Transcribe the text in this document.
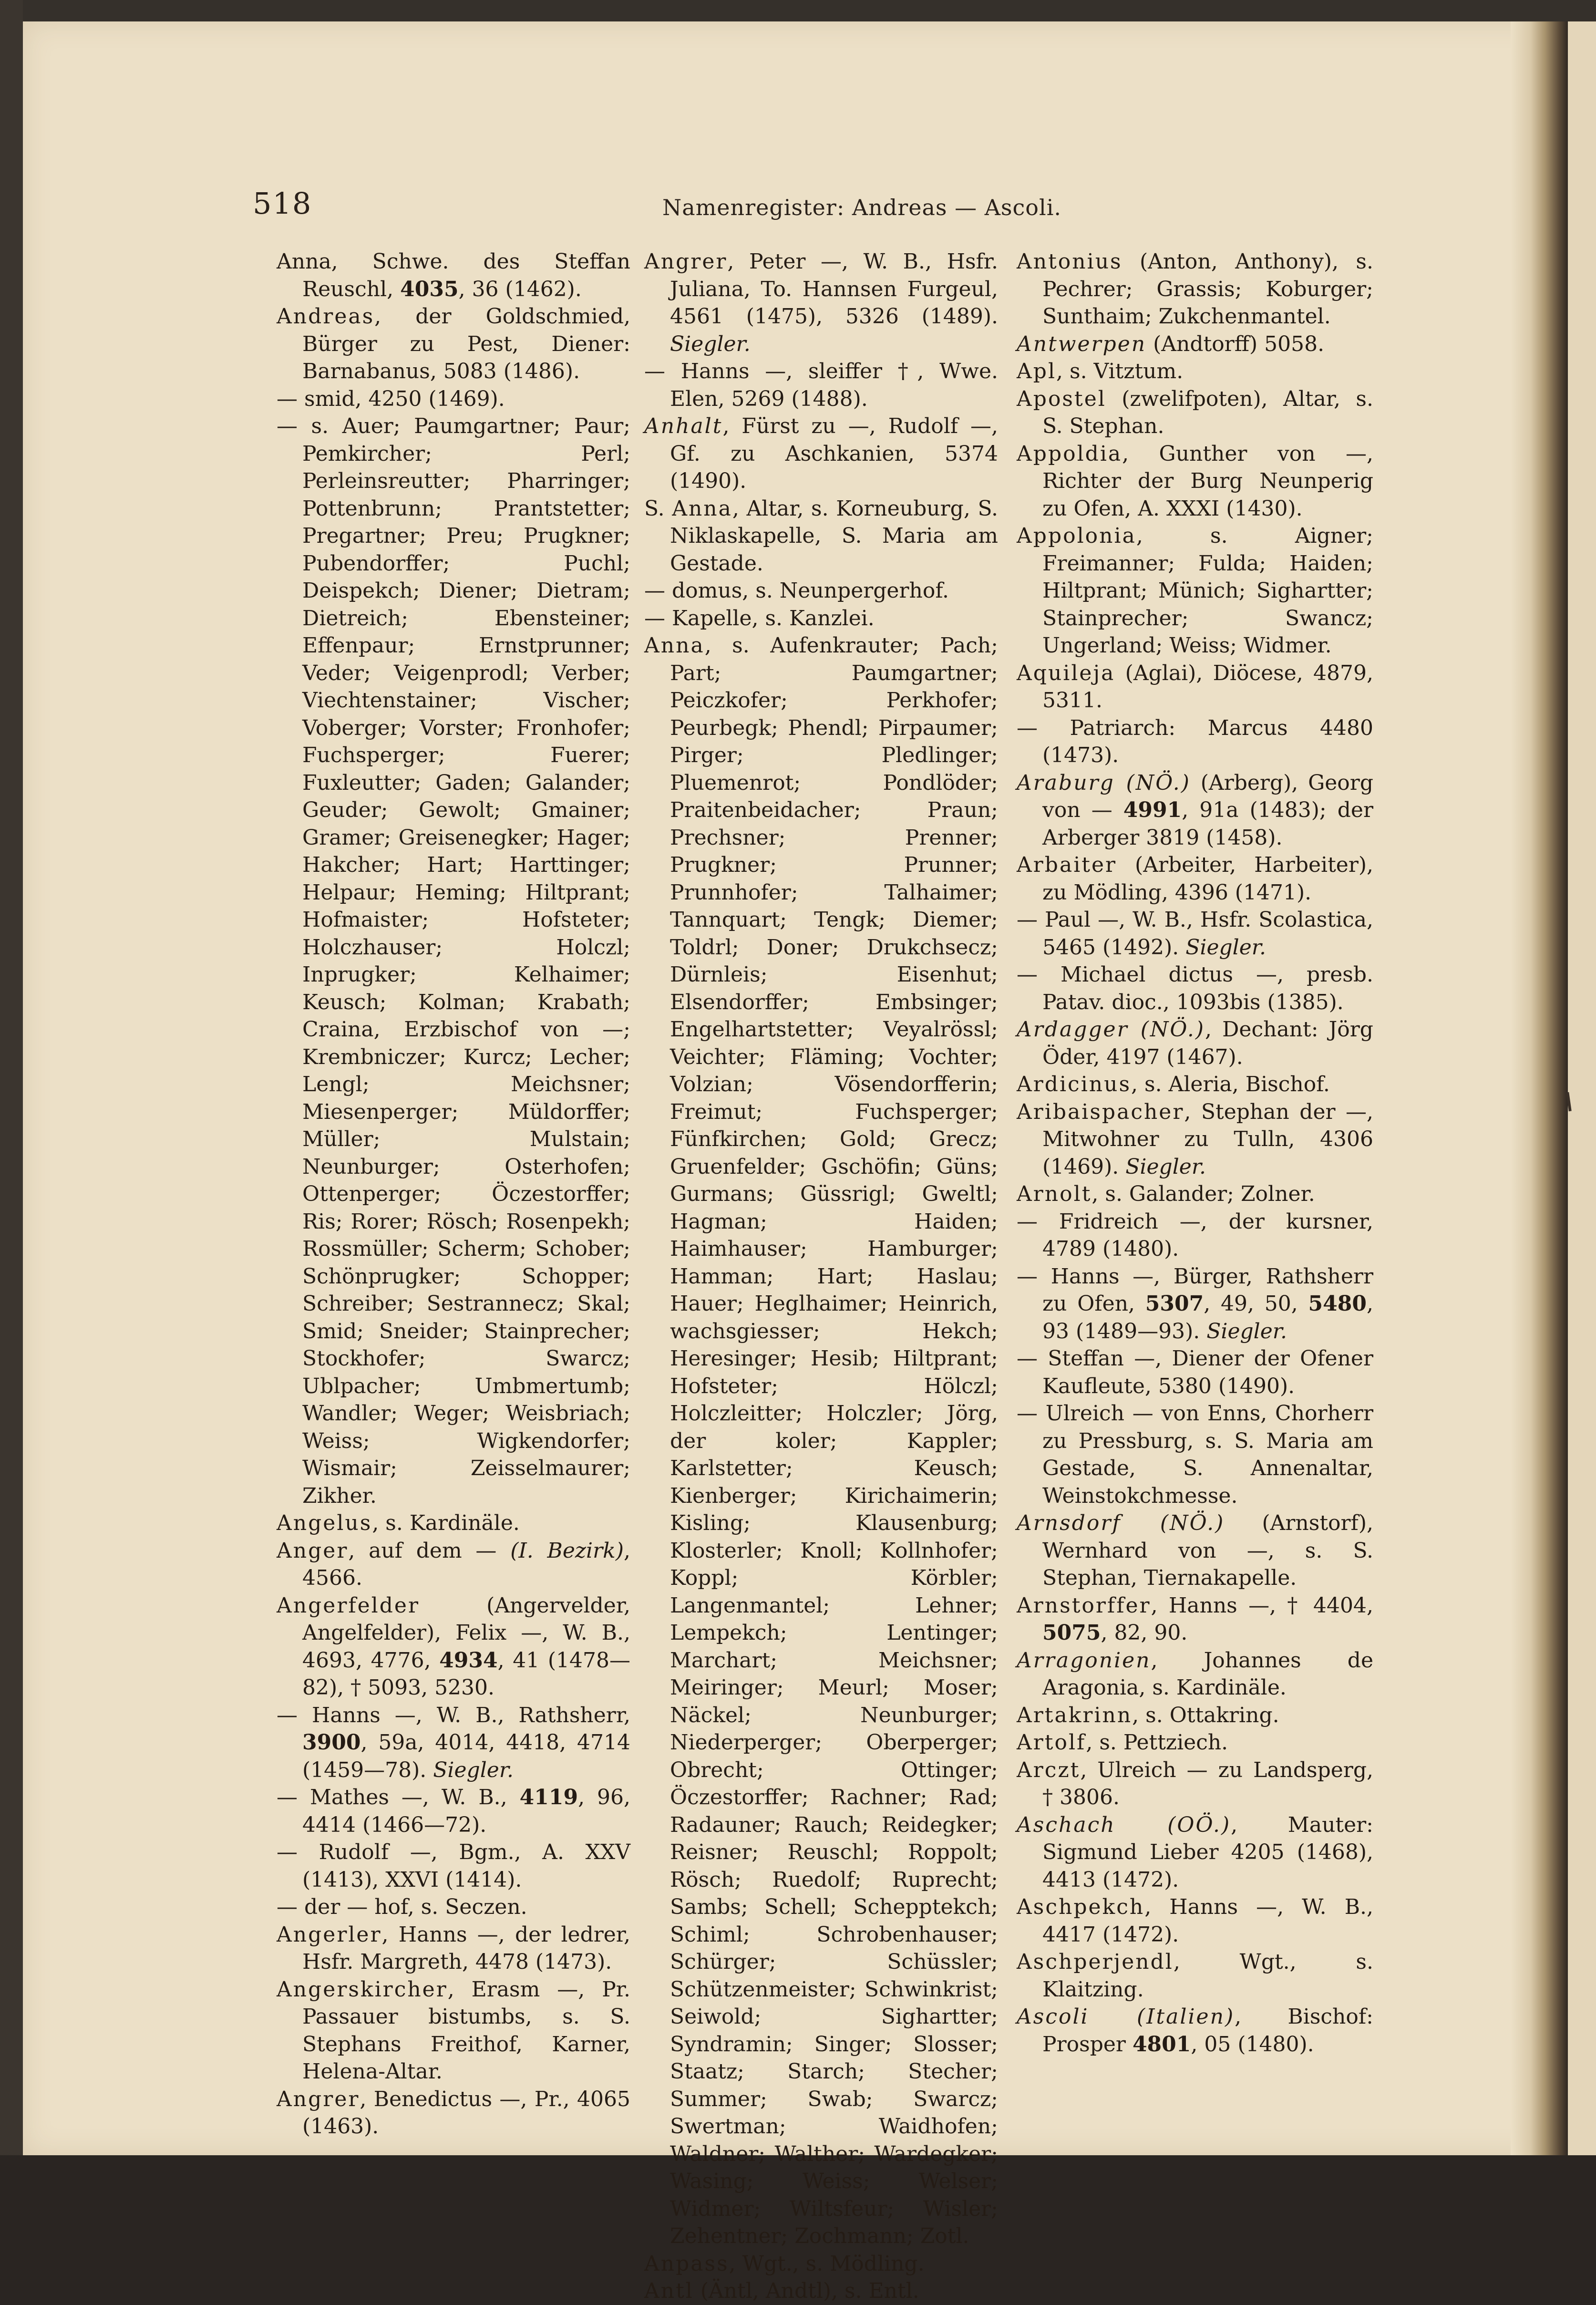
518	Namenregister: Andreas — Ascoli.

Anna, Schwe. des Steffan Reuschl, 4035, 36 (1462).

Andreas, der Goldschmied, Bürger zu Pest, Diener: Barnabanus, 5083 (1486).

— smid, 4250 (1469).

— s. Auer; Paumgartner; Paur; Pemkircher; Perl; Perleinsreutter; Pharringer; Pottenbrunn; Prantstetter; Pregartner; Preu; Prugkner; Pubendorffer; Puchl; Deispekch; Diener; Dietram; Dietreich; Ebensteiner; Effenpaur; Ernstprunner; Veder; Veigenprodl; Verber; Viechtenstainer; Vischer; Voberger; Vorster; Fronhofer; Fuchsperger; Fuerer; Fuxleutter; Gaden; Galander; Geuder; Gewolt; Gmainer; Gramer; Greisenegker; Hager; Hakcher; Hart; Harttinger; Helpaur; Heming; Hiltprant; Hofmaister; Hofsteter; Holczhauser; Holczl; Inprugker; Kelhaimer; Keusch; Kolman; Krabath; Craina, Erzbischof von —; Krembniczer; Kurcz; Lecher; Lengl; Meichsner; Miesenperger; Müldorffer; Müller; Mulstain; Neunburger; Osterhofen; Ottenperger; Öczestorffer; Ris; Rorer; Rösch; Rosenpekh; Rossmüller; Scherm; Schober; Schönprugker; Schopper; Schreiber; Sestrannecz; Skal; Smid; Sneider; Stainprecher; Stockhofer; Swarcz; Ublpacher; Umbmertumb; Wandler; Weger; Weisbriach; Weiss; Wigkendorfer; Wismair; Zeisselmaurer; Zikher.

Angelus, s. Kardinäle.

Anger, auf dem — (I. Bezirk), 4566.

Angerfelder (Angervelder, Angelfelder), Felix —, W. B., 4693, 4776, 4934, 41 (1478—82), † 5093, 5230.

— Hanns —, W. B., Rathsherr, 3900, 59a, 4014, 4418, 4714 (1459—78). Siegler.

— Mathes —, W. B., 4119, 96, 4414 (1466—72).

— Rudolf —, Bgm., A. XXV (1413), XXVI (1414).

— der — hof, s. Seczen.

Angerler, Hanns —, der ledrer, Hsfr. Margreth, 4478 (1473).

Angerskircher, Erasm —, Pr. Passauer bistumbs, s. S. Stephans Freithof, Karner, Helena-Altar.

Angrer, Benedictus —, Pr., 4065 (1463).

Angrer, Peter —, W. B., Hsfr. Juliana, To. Hannsen Furgeul, 4561 (1475), 5326 (1489). Siegler.

— Hanns —, sleiffer †, Wwe. Elen, 5269 (1488).

Anhalt, Fürst zu —, Rudolf —, Gf. zu Aschkanien, 5374 (1490).

S. Anna, Altar, s. Korneuburg, S. Niklaskapelle, S. Maria am Gestade.

— domus, s. Neunpergerhof.

— Kapelle, s. Kanzlei.

Anna, s. Aufenkrauter; Pach; Part; Paumgartner; Peiczkofer; Perkhofer; Peurbegk; Phendl; Pirpaumer; Pirger; Pledlinger; Pluemenrot; Pondlöder; Praitenbeidacher; Praun; Prechsner; Prenner; Prugkner; Prunner; Prunnhofer; Talhaimer; Tannquart; Tengk; Diemer; Toldrl; Doner; Drukchsecz; Dürnleis; Eisenhut; Elsendorffer; Embsinger; Engelhartstetter; Veyalrössl; Veichter; Fläming; Vochter; Volzian; Vösendorfferin; Freimut; Fuchsperger; Fünfkirchen; Gold; Grecz; Gruenfelder; Gschöfin; Güns; Gurmans; Güssrigl; Gweltl; Hagman; Haiden; Haimhauser; Hamburger; Hamman; Hart; Haslau; Hauer; Heglhaimer; Heinrich, wachsgiesser; Hekch; Heresinger; Hesib; Hiltprant; Hofsteter; Hölczl; Holczleitter; Holczler; Jörg, der koler; Kappler; Karlstetter; Keusch; Kienberger; Kirichaimerin; Kisling; Klausenburg; Klosterler; Knoll; Kollnhofer; Koppl; Körbler; Langenmantel; Lehner; Lempekch; Lentinger; Marchart; Meichsner; Meiringer; Meurl; Moser; Näckel; Neunburger; Niederperger; Oberperger; Obrecht; Ottinger; Öczestorffer; Rachner; Rad; Radauner; Rauch; Reidegker; Reisner; Reuschl; Roppolt; Rösch; Ruedolf; Ruprecht; Sambs; Schell; Schepptekch; Schiml; Schrobenhauser; Schürger; Schüssler; Schützenmeister; Schwinkrist; Seiwold; Sighartter; Syndramin; Singer; Slosser; Staatz; Starch; Stecher; Summer; Swab; Swarcz; Swertman; Waidhofen; Waldner; Walther; Wardegker; Wasing; Weiss; Welser; Widmer; Wiltsfeur; Wisler; Zehentner; Zochmann; Zotl.

Anpass, Wgt., s. Mödling.

Antl (Äntl, Andtl), s. Entl.

Antonius (Anton, Anthony), s. Pechrer; Grassis; Koburger; Sunthaim; Zukchenmantel.

Antwerpen (Andtorff) 5058.

Apl, s. Vitztum.

Apostel (zwelifpoten), Altar, s. S. Stephan.

Appoldia, Gunther von —, Richter der Burg Neunperig zu Ofen, A. XXXI (1430).

Appolonia, s. Aigner; Freimanner; Fulda; Haiden; Hiltprant; Münich; Sighartter; Stainprecher; Swancz; Ungerland; Weiss; Widmer.

Aquileja (Aglai), Diöcese, 4879, 5311.

— Patriarch: Marcus 4480 (1473).

Araburg (NÖ.) (Arberg), Georg von — 4991, 91a (1483); der Arberger 3819 (1458).

Arbaiter (Arbeiter, Harbeiter), zu Mödling, 4396 (1471).

— Paul —, W. B., Hsfr. Scolastica, 5465 (1492). Siegler.

— Michael dictus —, presb. Patav. dioc., 1093bis (1385).

Ardagger (NÖ.), Dechant: Jörg Öder, 4197 (1467).

Ardicinus, s. Aleria, Bischof.

Aribaispacher, Stephan der —, Mitwohner zu Tulln, 4306 (1469). Siegler.

Arnolt, s. Galander; Zolner.

— Fridreich —, der kursner, 4789 (1480).

— Hanns —, Bürger, Rathsherr zu Ofen, 5307, 49, 50, 5480, 93 (1489—93). Siegler.

— Steffan —, Diener der Ofener Kaufleute, 5380 (1490).

— Ulreich — von Enns, Chorherr zu Pressburg, s. S. Maria am Gestade, S. Annenaltar, Weinstokchmesse.

Arnsdorf (NÖ.) (Arnstorf), Wernhard von —, s. S. Stephan, Tiernakapelle.

Arnstorffer, Hanns —, † 4404, 5075, 82, 90.

Arragonien, Johannes de Aragonia, s. Kardinäle.

Artakrinn, s. Ottakring.

Artolf, s. Pettziech.

Arczt, Ulreich — zu Landsperg, † 3806.

Aschach (OÖ.), Mauter: Sigmund Lieber 4205 (1468), 4413 (1472).

Aschpekch, Hanns —, W. B., 4417 (1472).

Aschperjendl, Wgt., s. Klaitzing.

Ascoli (Italien), Bischof: Prosper 4801, 05 (1480).
